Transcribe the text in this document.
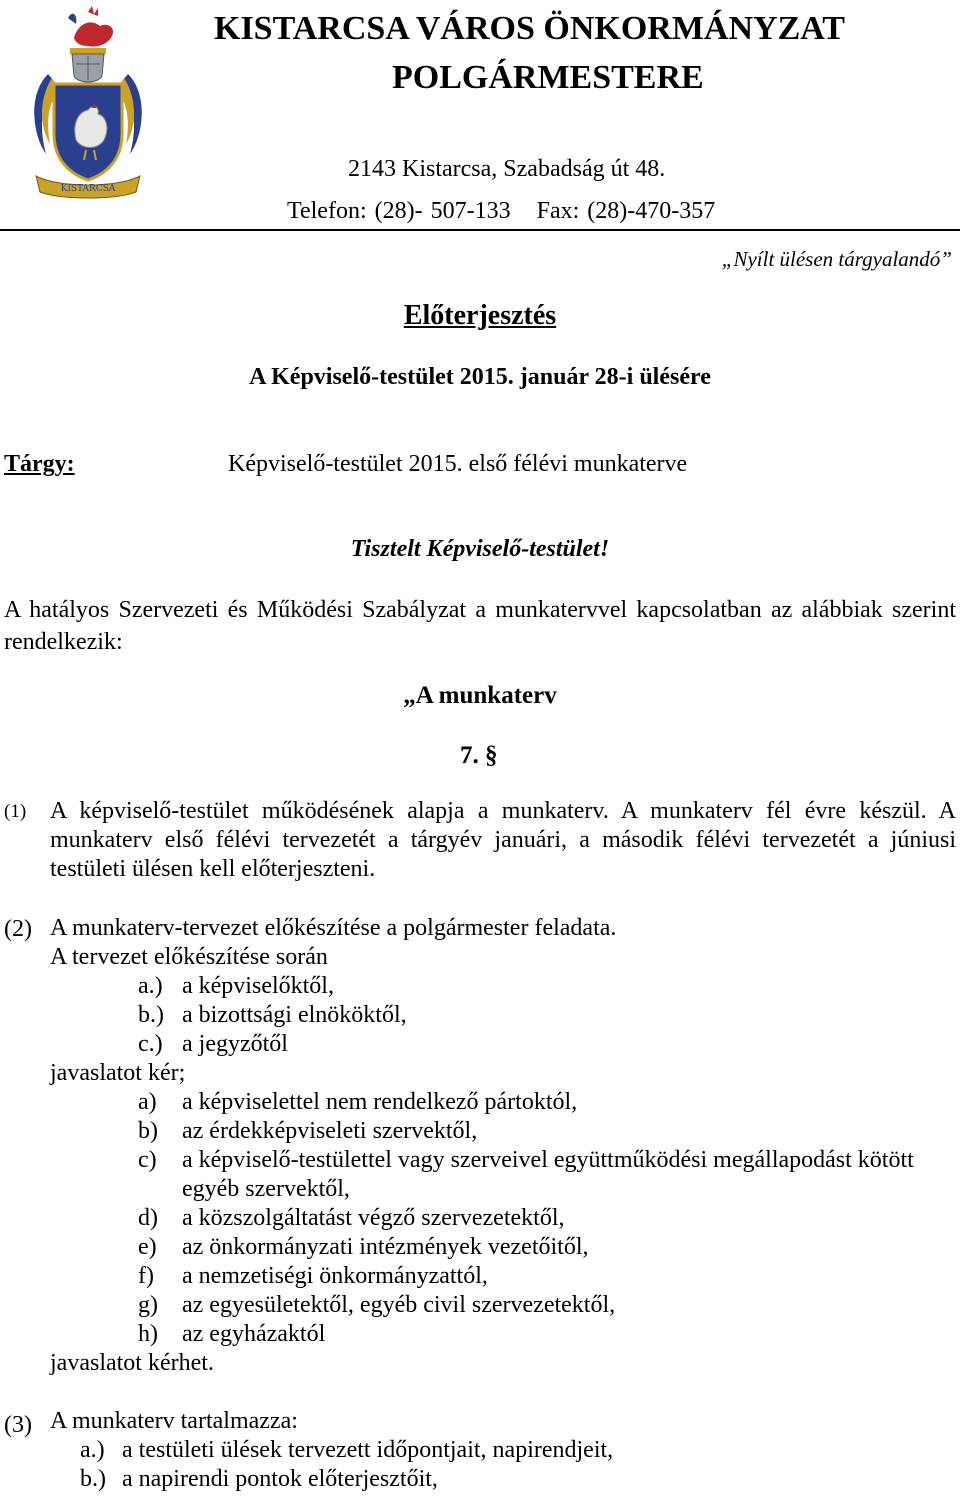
KISTARCSA
KISTARCSA VÁROS ÖNKORMÁNYZAT
POLGÁRMESTERE
2143 Kistarcsa, Szabadság út 48.
Telefon: (28)- 507-133 Fax: (28)-470-357
„Nyílt ülésen tárgyalandó”
Előterjesztés
A Képviselő-testület 2015. január 28-i ülésére
Tárgy:	Képviselő-testület 2015. első félévi munkaterve
Tisztelt Képviselő-testület!
A hatályos Szervezeti és Működési Szabályzat a munkatervvel kapcsolatban az alábbiak szerint rendelkezik:
„A munkaterv
7. §
(1) A képviselő-testület működésének alapja a munkaterv. A munkaterv fél évre készül. A munkaterv első félévi tervezetét a tárgyév januári, a második félévi tervezetét a júniusi testületi ülésen kell előterjeszteni.
(2) A munkaterv-tervezet előkészítése a polgármester feladata.
A tervezet előkészítése során
a.) a képviselőktől,
b.) a bizottsági elnököktől,
c.) a jegyzőtől
javaslatot kér;
a) a képviselettel nem rendelkező pártoktól,
b) az érdekképviseleti szervektől,
c) a képviselő-testülettel vagy szerveivel együttműködési megállapodást kötött
egyéb szervektől,
d) a közszolgáltatást végző szervezetektől,
e) az önkormányzati intézmények vezetőitől,
f) a nemzetiségi önkormányzattól,
g) az egyesületektől, egyéb civil szervezetektől,
h) az egyházaktól
javaslatot kérhet.
(3) A munkaterv tartalmazza:
a.) a testületi ülések tervezett időpontjait, napirendjeit,
b.) a napirendi pontok előterjesztőit,
